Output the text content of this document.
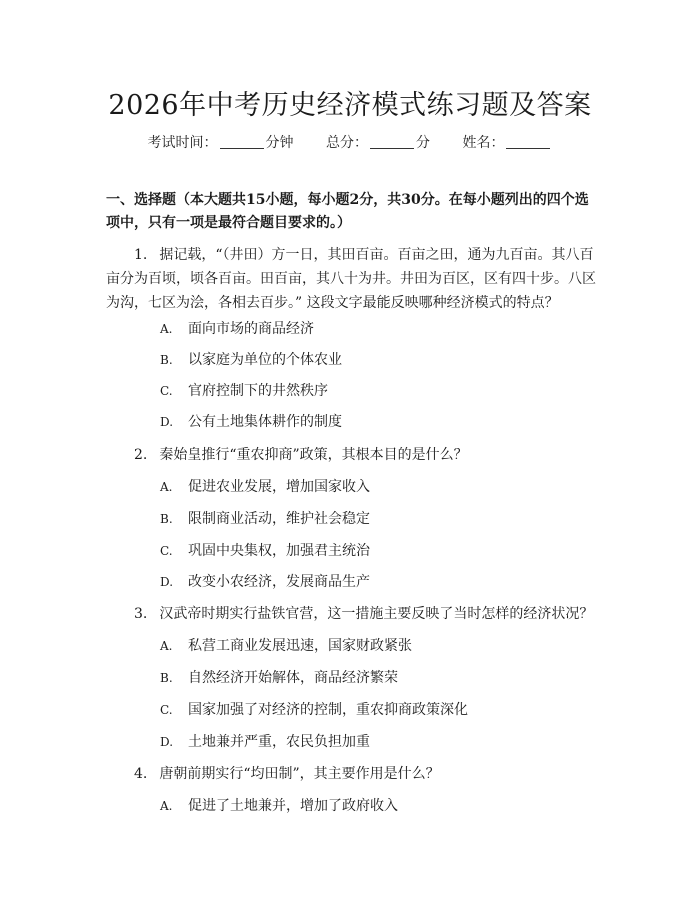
2026年中考历史经济模式练习题及答案
考试时间：	分钟 总分：	分 姓名：
一、选择题（本大题共15小题，每小题2分，共30分。在每小题列出的四个选项中，只有一项是最符合题目要求的。）
1. 据记载，“（井田）方一日，其田百亩。百亩之田，通为九百亩。其八百亩分为百顷，顷各百亩。田百亩，其八十为井。井田为百区，区有四十步。八区为沟，七区为浍，各相去百步。” 这段文字最能反映哪种经济模式的特点？
A. 面向市场的商品经济
B. 以家庭为单位的个体农业
C. 官府控制下的井然秩序
D. 公有土地集体耕作的制度
2. 秦始皇推行“重农抑商”政策，其根本目的是什么？
A. 促进农业发展，增加国家收入
B. 限制商业活动，维护社会稳定
C. 巩固中央集权，加强君主统治
D. 改变小农经济，发展商品生产
3. 汉武帝时期实行盐铁官营，这一措施主要反映了当时怎样的经济状况？
A. 私营工商业发展迅速，国家财政紧张
B. 自然经济开始解体，商品经济繁荣
C. 国家加强了对经济的控制，重农抑商政策深化
D. 土地兼并严重，农民负担加重
4. 唐朝前期实行“均田制”，其主要作用是什么？
A. 促进了土地兼并，增加了政府收入
